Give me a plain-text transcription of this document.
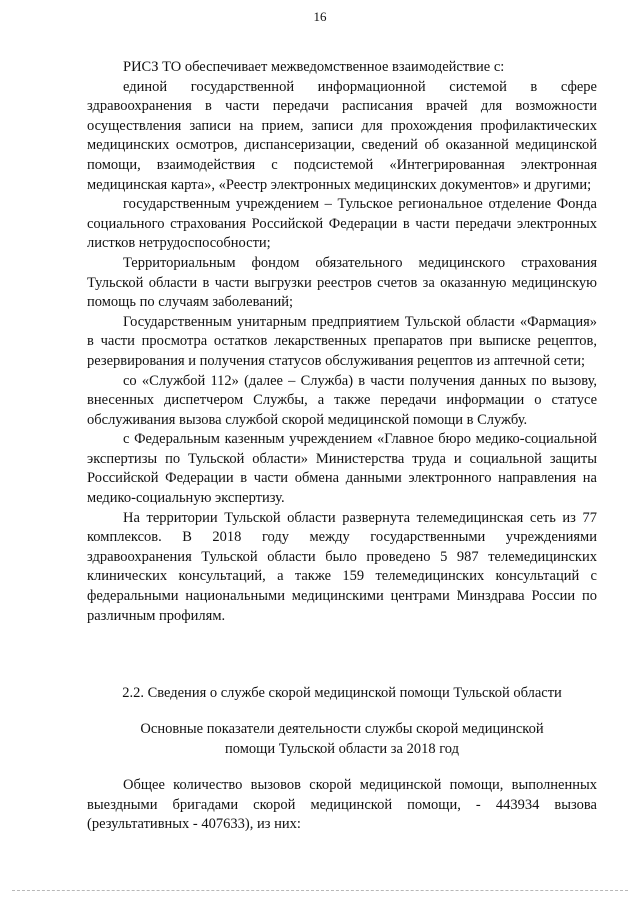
16

РИСЗ ТО обеспечивает межведомственное взаимодействие с:

единой государственной информационной системой в сфере здравоохранения в части передачи расписания врачей для возможности осуществления записи на прием, записи для прохождения профилактических медицинских осмотров, диспансеризации, сведений об оказанной медицинской помощи, взаимодействия с подсистемой «Интегрированная электронная медицинская карта», «Реестр электронных медицинских документов» и другими;

государственным учреждением – Тульское региональное отделение Фонда социального страхования Российской Федерации в части передачи электронных листков нетрудоспособности;

Территориальным фондом обязательного медицинского страхования Тульской области в части выгрузки реестров счетов за оказанную медицинскую помощь по случаям заболеваний;

Государственным унитарным предприятием Тульской области «Фармация» в части просмотра остатков лекарственных препаратов при выписке рецептов, резервирования и получения статусов обслуживания рецептов из аптечной сети;

со «Службой 112» (далее – Служба) в части получения данных по вызову, внесенных диспетчером Службы, а также передачи информации о статусе обслуживания вызова службой скорой медицинской помощи в Службу.

с Федеральным казенным учреждением «Главное бюро медико-социальной экспертизы по Тульской области» Министерства труда и социальной защиты Российской Федерации в части обмена данными электронного направления на медико-социальную экспертизу.

На территории Тульской области развернута телемедицинская сеть из 77 комплексов. В 2018 году между государственными учреждениями здравоохранения Тульской области было проведено 5 987 телемедицинских клинических консультаций, а также 159 телемедицинских консультаций с федеральными национальными медицинскими центрами Минздрава России по различным профилям.

2.2. Сведения о службе скорой медицинской помощи Тульской области
Основные показатели деятельности службы скорой медицинской
помощи Тульской области за 2018 год

Общее количество вызовов скорой медицинской помощи, выполненных выездными бригадами скорой медицинской помощи, - 443934 вызова (результативных - 407633), из них:
